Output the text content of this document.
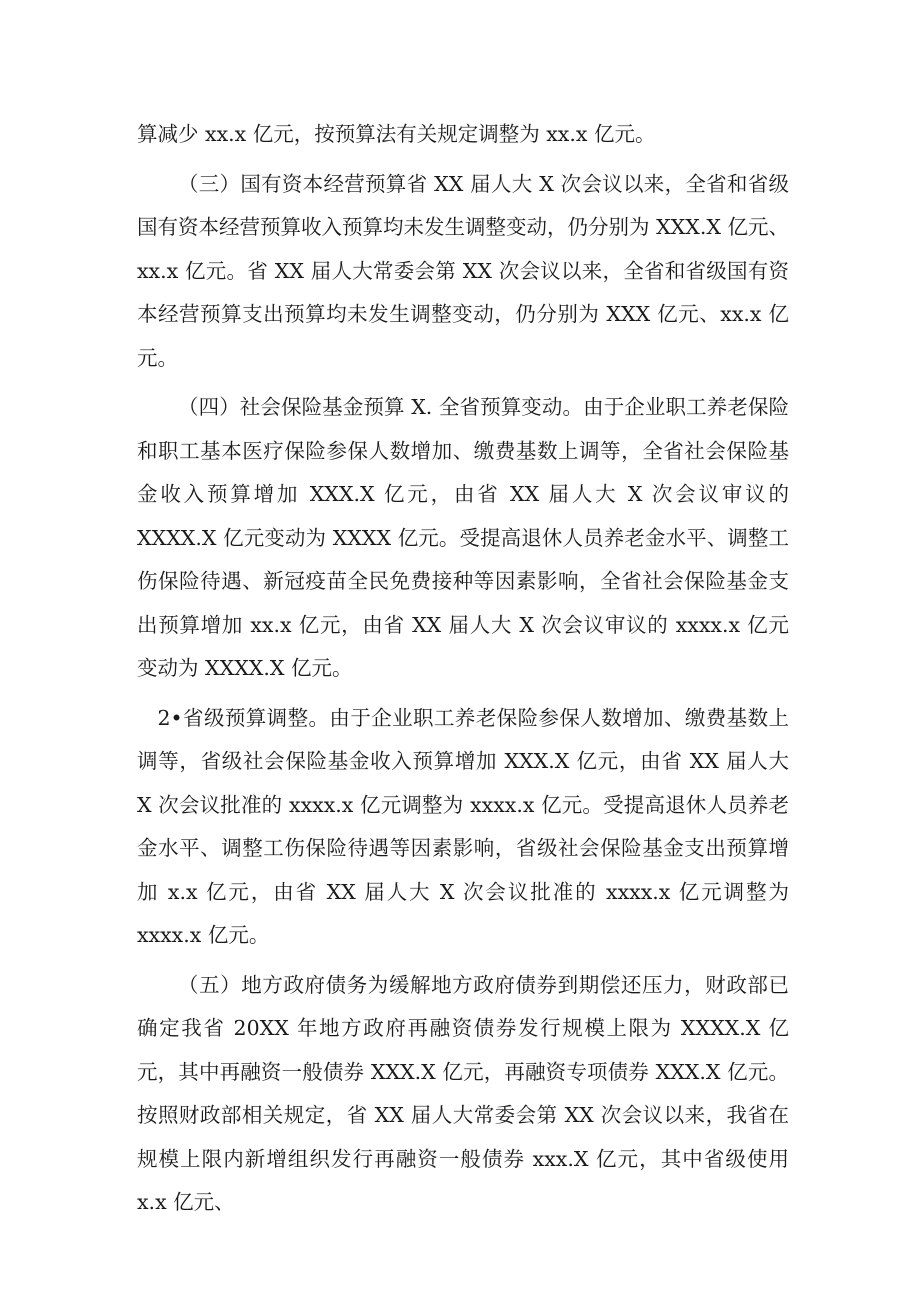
算减少 xx.x 亿元，按预算法有关规定调整为 xx.x 亿元。

（三）国有资本经营预算省 XX 届人大 X 次会议以来，全省和省级国有资本经营预算收入预算均未发生调整变动，仍分别为 XXX.X 亿元、xx.x 亿元。省 XX 届人大常委会第 XX 次会议以来，全省和省级国有资本经营预算支出预算均未发生调整变动，仍分别为 XXX 亿元、xx.x 亿元。

（四）社会保险基金预算 X. 全省预算变动。由于企业职工养老保险和职工基本医疗保险参保人数增加、缴费基数上调等，全省社会保险基金收入预算增加 XXX.X 亿元，由省 XX 届人大 X 次会议审议的 XXXX.X 亿元变动为 XXXX 亿元。受提高退休人员养老金水平、调整工伤保险待遇、新冠疫苗全民免费接种等因素影响，全省社会保险基金支出预算增加 xx.x 亿元，由省 XX 届人大 X 次会议审议的 xxxx.x 亿元变动为 XXXX.X 亿元。

2•省级预算调整。由于企业职工养老保险参保人数增加、缴费基数上调等，省级社会保险基金收入预算增加 XXX.X 亿元，由省 XX 届人大 X 次会议批准的 xxxx.x 亿元调整为 xxxx.x 亿元。受提高退休人员养老金水平、调整工伤保险待遇等因素影响，省级社会保险基金支出预算增加 x.x 亿元，由省 XX 届人大 X 次会议批准的 xxxx.x 亿元调整为 xxxx.x 亿元。

（五）地方政府债务为缓解地方政府债券到期偿还压力，财政部已确定我省 20XX 年地方政府再融资债券发行规模上限为 XXXX.X 亿元，其中再融资一般债券 XXX.X 亿元，再融资专项债券 XXX.X 亿元。按照财政部相关规定，省 XX 届人大常委会第 XX 次会议以来，我省在规模上限内新增组织发行再融资一般债券 xxx.X 亿元，其中省级使用 x.x 亿元、
